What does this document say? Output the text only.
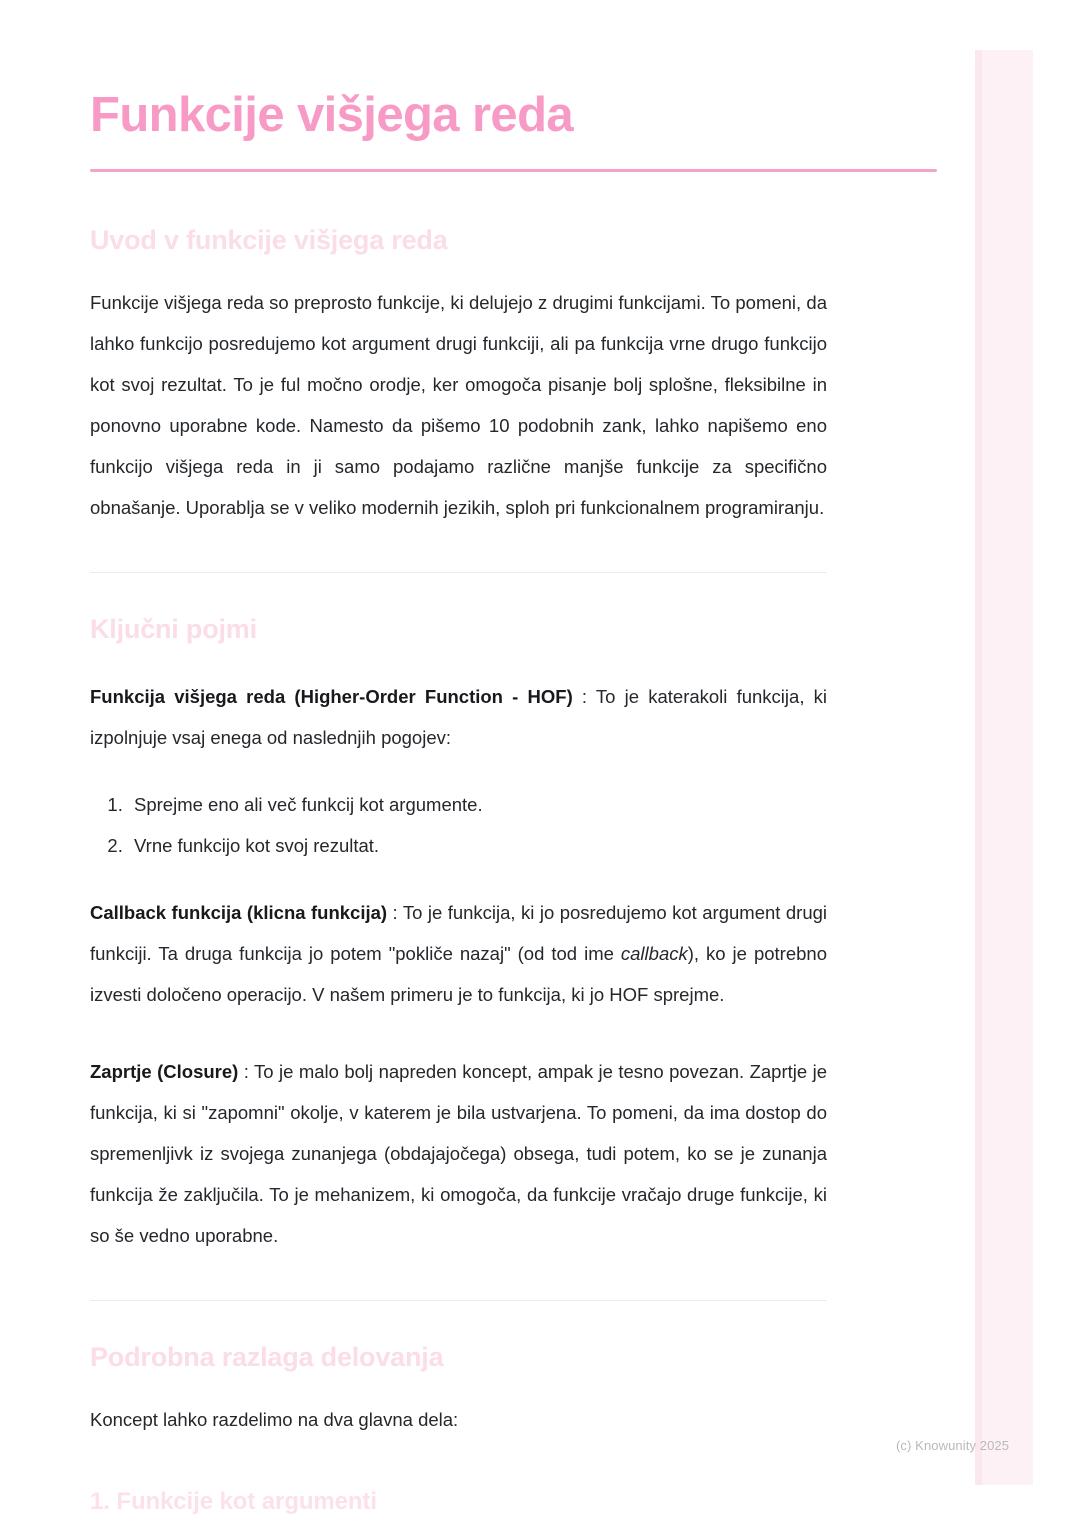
Funkcije višjega reda
Uvod v funkcije višjega reda

Funkcije višjega reda so preprosto funkcije, ki delujejo z drugimi funkcijami. To pomeni, da lahko funkcijo posredujemo kot argument drugi funkciji, ali pa funkcija vrne drugo funkcijo kot svoj rezultat. To je ful močno orodje, ker omogoča pisanje bolj splošne, fleksibilne in ponovno uporabne kode. Namesto da pišemo 10 podobnih zank, lahko napišemo eno funkcijo višjega reda in ji samo podajamo različne manjše funkcije za specifično obnašanje. Uporablja se v veliko modernih jezikih, sploh pri funkcionalnem programiranju.

Ključni pojmi

Funkcija višjega reda (Higher-Order Function - HOF) : To je katerakoli funkcija, ki izpolnjuje vsaj enega od naslednjih pogojev:

1. Sprejme eno ali več funkcij kot argumente.
2. Vrne funkcijo kot svoj rezultat.

Callback funkcija (klicna funkcija) : To je funkcija, ki jo posredujemo kot argument drugi funkciji. Ta druga funkcija jo potem "pokliče nazaj" (od tod ime callback), ko je potrebno izvesti določeno operacijo. V našem primeru je to funkcija, ki jo HOF sprejme.

Zaprtje (Closure) : To je malo bolj napreden koncept, ampak je tesno povezan. Zaprtje je funkcija, ki si "zapomni" okolje, v katerem je bila ustvarjena. To pomeni, da ima dostop do spremenljivk iz svojega zunanjega (obdajajočega) obsega, tudi potem, ko se je zunanja funkcija že zaključila. To je mehanizem, ki omogoča, da funkcije vračajo druge funkcije, ki so še vedno uporabne.

Podrobna razlaga delovanja

Koncept lahko razdelimo na dva glavna dela:

1. Funkcije kot argumenti
(c) Knowunity 2025
